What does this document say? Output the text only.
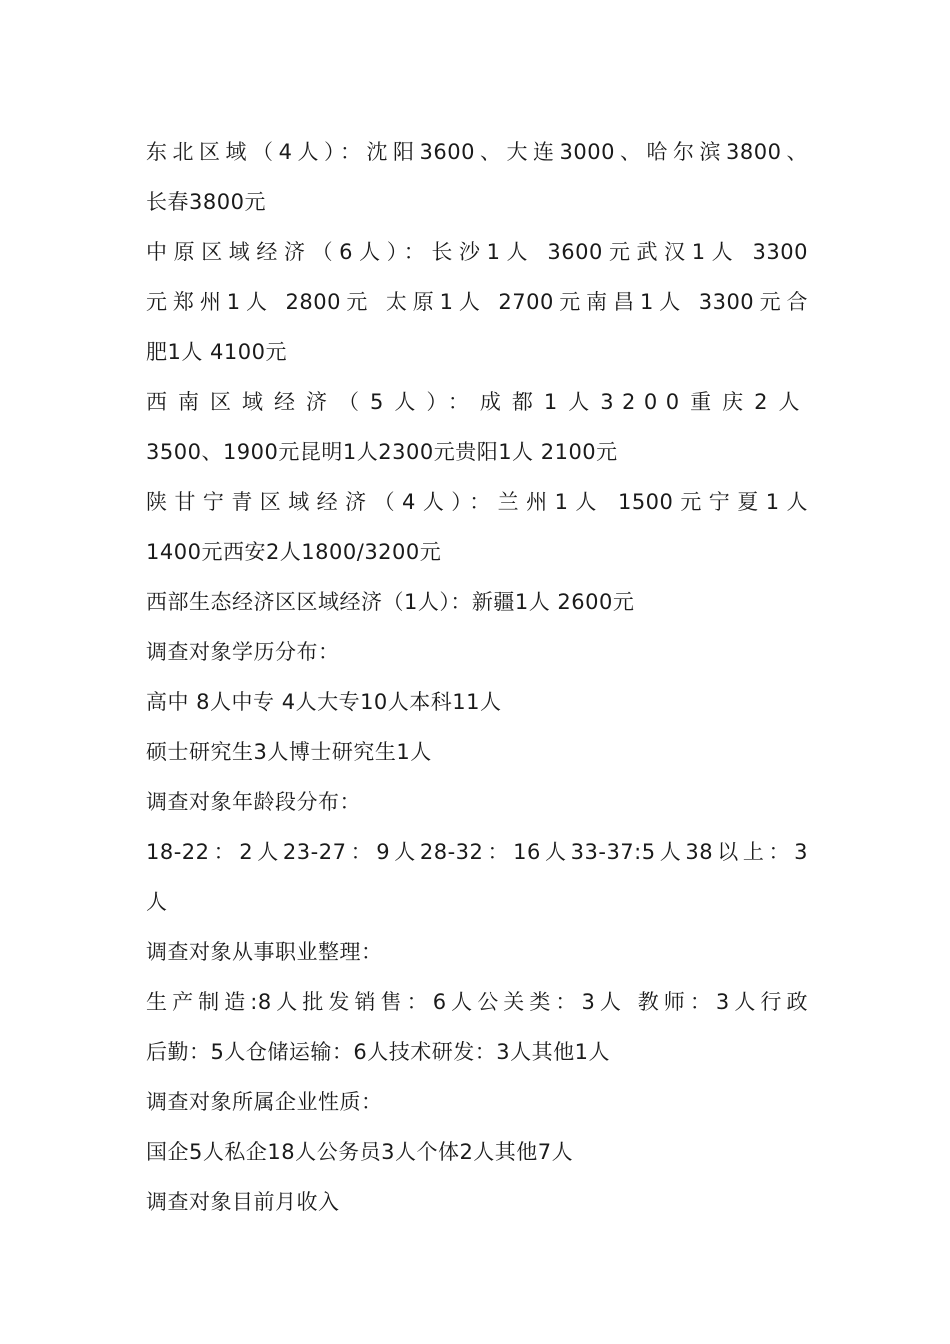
东北区域（4人）：沈阳3600、大连3000、哈尔滨3800、
长春3800元
中原区域经济（6人）：长沙1人 3600元武汉1人 3300
元郑州1人 2800元 太原1人 2700元南昌1人 3300元合
肥1人 4100元
西南区域经济（5人）：成都1人3200重庆2人
3500、1900元昆明1人2300元贵阳1人 2100元
陕甘宁青区域经济（4人）：兰州1人 1500元宁夏1人
1400元西安2人1800/3200元
西部生态经济区区域经济（1人）：新疆1人 2600元
调查对象学历分布：
高中 8人中专 4人大专10人本科11人
硕士研究生3人博士研究生1人
调查对象年龄段分布：
18-22：2人23-27：9人28-32：16人33-37:5人38以上：3
人
调查对象从事职业整理：
生产制造:8人批发销售：6人公关类：3人 教师：3人行政
后勤：5人仓储运输：6人技术研发：3人其他1人
调查对象所属企业性质：
国企5人私企18人公务员3人个体2人其他7人
调查对象目前月收入
